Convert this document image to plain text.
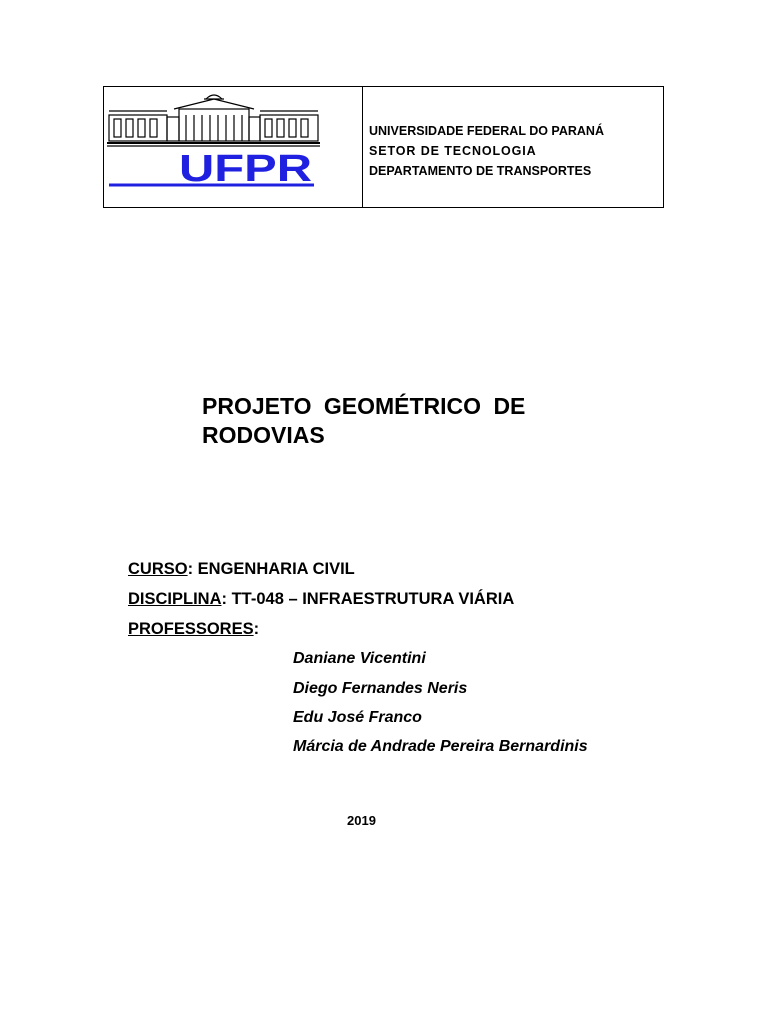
UFPR
UNIVERSIDADE FEDERAL DO PARANÁ
SETOR DE TECNOLOGIA
DEPARTAMENTO DE TRANSPORTES
PROJETO GEOMÉTRICO DE
RODOVIAS
CURSO: ENGENHARIA CIVIL
DISCIPLINA: TT-048 – INFRAESTRUTURA VIÁRIA
PROFESSORES:
Daniane Vicentini
Diego Fernandes Neris
Edu José Franco
Márcia de Andrade Pereira Bernardinis
2019
